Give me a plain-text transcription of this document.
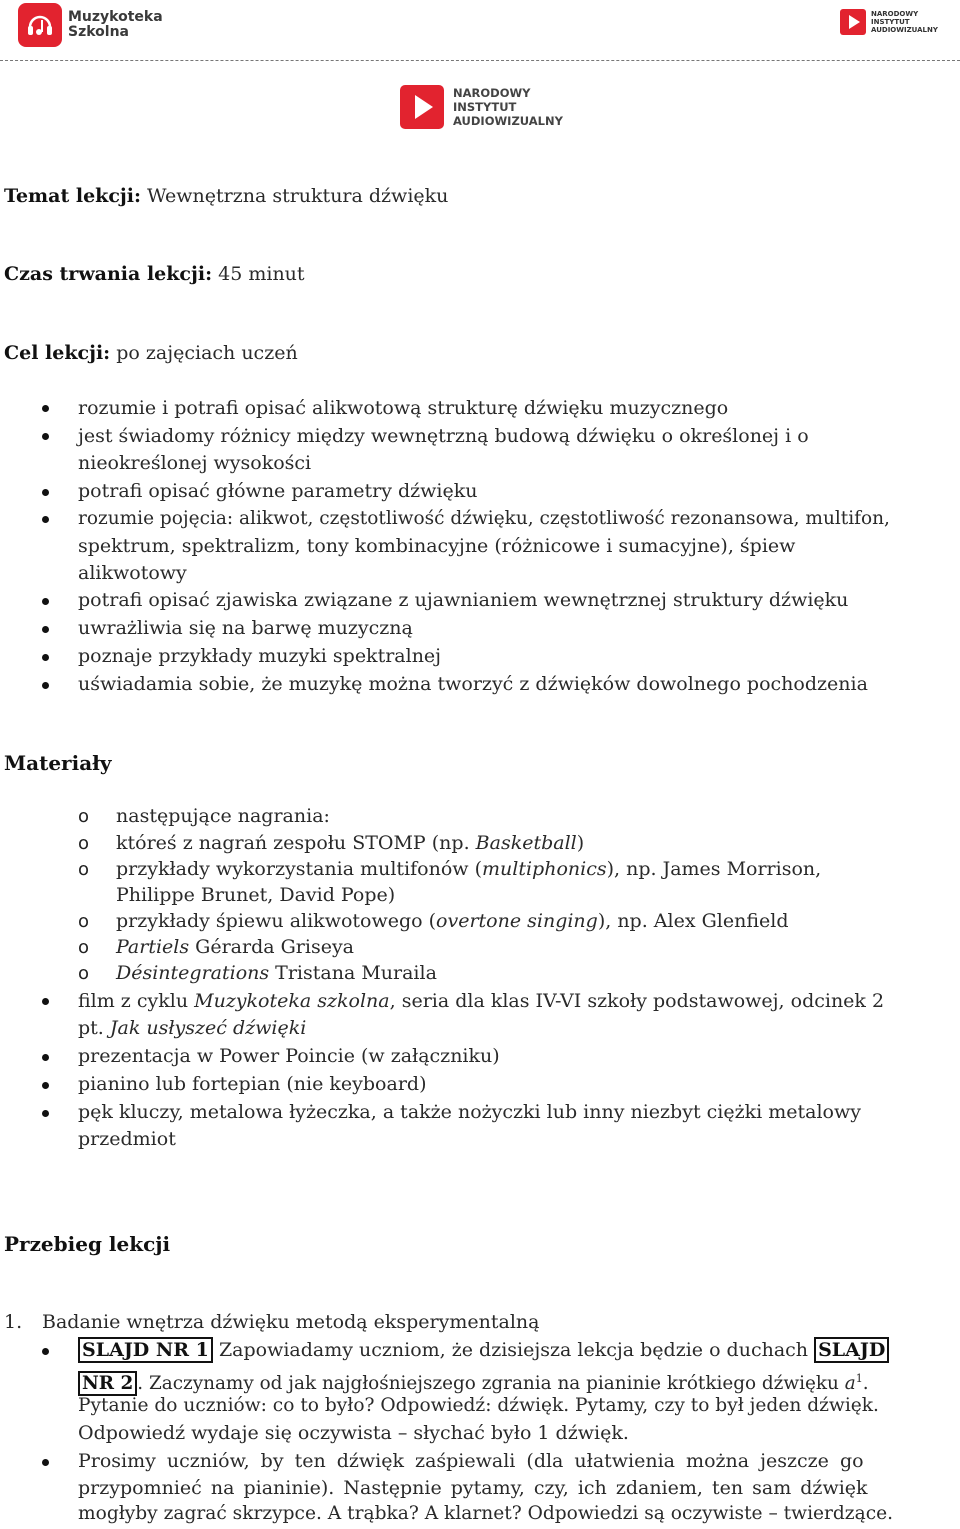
Muzykoteka
Szkolna
NARODOWY
INSTYTUT
AUDIOWIZUALNY
NARODOWY
INSTYTUT
AUDIOWIZUALNY
Temat lekcji: Wewnętrzna struktura dźwięku
Czas trwania lekcji: 45 minut
Cel lekcji: po zajęciach uczeń
rozumie i potrafi opisać alikwotową strukturę dźwięku muzycznego
jest świadomy różnicy między wewnętrzną budową dźwięku o określonej i o
nieokreślonej wysokości
potrafi opisać główne parametry dźwięku
rozumie pojęcia: alikwot, częstotliwość dźwięku, częstotliwość rezonansowa, multifon,
spektrum, spektralizm, tony kombinacyjne (różnicowe i sumacyjne), śpiew
alikwotowy
potrafi opisać zjawiska związane z ujawnianiem wewnętrznej struktury dźwięku
uwrażliwia się na barwę muzyczną
poznaje przykłady muzyki spektralnej
uświadamia sobie, że muzykę można tworzyć z dźwięków dowolnego pochodzenia
Materiały
o następujące nagrania:
o któreś z nagrań zespołu STOMP (np. Basketball)
o przykłady wykorzystania multifonów (multiphonics), np. James Morrison,
Philippe Brunet, David Pope)
o przykłady śpiewu alikwotowego (overtone singing), np. Alex Glenfield
o Partiels Gérarda Griseya
o Désintegrations Tristana Muraila
film z cyklu Muzykoteka szkolna, seria dla klas IV-VI szkoły podstawowej, odcinek 2
pt. Jak usłyszeć dźwięki
prezentacja w Power Poincie (w załączniku)
pianino lub fortepian (nie keyboard)
pęk kluczy, metalowa łyżeczka, a także nożyczki lub inny niezbyt ciężki metalowy
przedmiot
Przebieg lekcji
1. Badanie wnętrza dźwięku metodą eksperymentalną
SLAJD NR 1 Zapowiadamy uczniom, że dzisiejsza lekcja będzie o duchach SLAJD
NR 2 . Zaczynamy od jak najgłośniejszego zgrania na pianinie krótkiego dźwięku $a^1$.
Pytanie do uczniów: co to było? Odpowiedź: dźwięk. Pytamy, czy to był jeden dźwięk.
Odpowiedź wydaje się oczywista – słychać było 1 dźwięk.
Prosimy uczniów, by ten dźwięk zaśpiewali (dla ułatwienia można jeszcze go
przypomnieć na pianinie). Następnie pytamy, czy, ich zdaniem, ten sam dźwięk
mogłyby zagrać skrzypce. A trąbka? A klarnet? Odpowiedzi są oczywiste – twierdzące.
